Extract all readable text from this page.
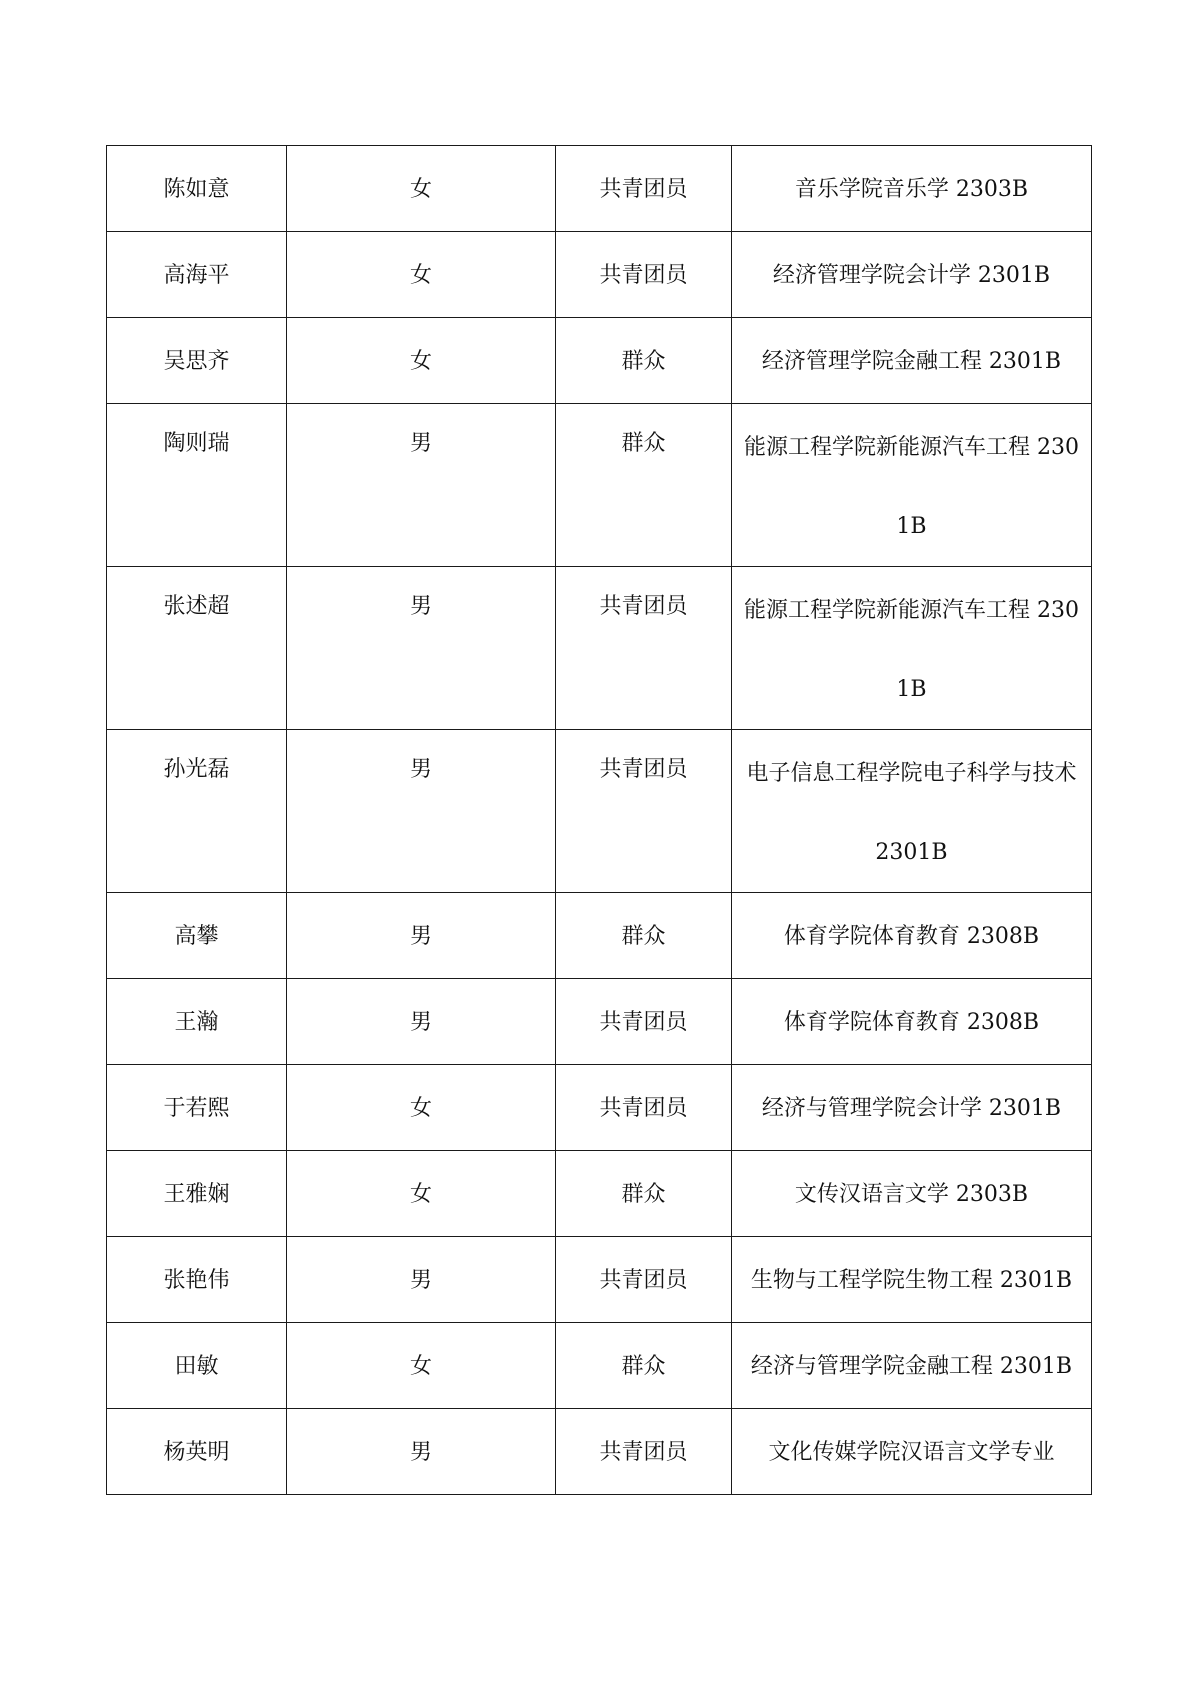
陈如意	女	共青团员	音乐学院音乐学 2303B
高海平	女	共青团员	经济管理学院会计学 2301B
吴思齐	女	群众	经济管理学院金融工程 2301B
陶则瑞	男	群众	能源工程学院新能源汽车工程 2301B

张述超	男	共青团员	能源工程学院新能源汽车工程 2301B

孙光磊	男	共青团员	电子信息工程学院电子科学与技术 2301B

高攀	男	群众	体育学院体育教育 2308B
王瀚	男	共青团员	体育学院体育教育 2308B
于若熙	女	共青团员	经济与管理学院会计学 2301B
王雅娴	女	群众	文传汉语言文学 2303B
张艳伟	男	共青团员	生物与工程学院生物工程 2301B
田敏	女	群众	经济与管理学院金融工程 2301B
杨英明	男	共青团员	文化传媒学院汉语言文学专业
